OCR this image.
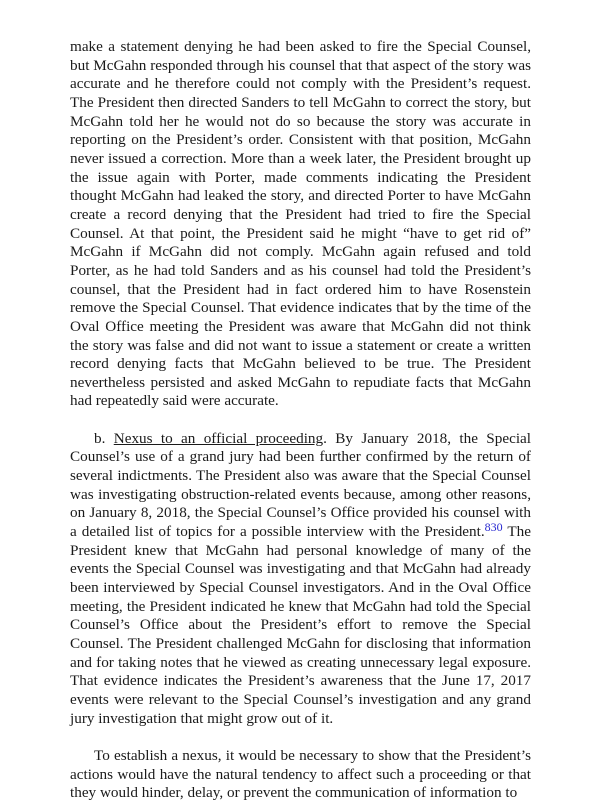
make a statement denying he had been asked to fire the Special Counsel, but McGahn responded through his counsel that that aspect of the story was accurate and he therefore could not comply with the President’s request. The President then directed Sanders to tell McGahn to correct the story, but McGahn told her he would not do so because the story was accurate in reporting on the President’s order. Consistent with that position, McGahn never issued a correction. More than a week later, the President brought up the issue again with Porter, made comments indicating the President thought McGahn had leaked the story, and directed Porter to have McGahn create a record denying that the President had tried to fire the Special Counsel. At that point, the President said he might “have to get rid of” McGahn if McGahn did not comply. McGahn again refused and told Porter, as he had told Sanders and as his counsel had told the President’s counsel, that the President had in fact ordered him to have Rosenstein remove the Special Counsel. That evidence indicates that by the time of the Oval Office meeting the President was aware that McGahn did not think the story was false and did not want to issue a statement or create a written record denying facts that McGahn believed to be true. The President nevertheless persisted and asked McGahn to repudiate facts that McGahn had repeatedly said were accurate.

b. Nexus to an official proceeding. By January 2018, the Special Counsel’s use of a grand jury had been further confirmed by the return of several indictments. The President also was aware that the Special Counsel was investigating obstruction-related events because, among other reasons, on January 8, 2018, the Special Counsel’s Office provided his counsel with a detailed list of topics for a possible interview with the President.$^{830}$ The President knew that McGahn had personal knowledge of many of the events the Special Counsel was investigating and that McGahn had already been interviewed by Special Counsel investigators. And in the Oval Office meeting, the President indicated he knew that McGahn had told the Special Counsel’s Office about the President’s effort to remove the Special Counsel. The President challenged McGahn for disclosing that information and for taking notes that he viewed as creating unnecessary legal exposure. That evidence indicates the President’s awareness that the June 17, 2017 events were relevant to the Special Counsel’s investigation and any grand jury investigation that might grow out of it.

To establish a nexus, it would be necessary to show that the President’s actions would have the natural tendency to affect such a proceeding or that they would hinder, delay, or prevent the communication of information to
